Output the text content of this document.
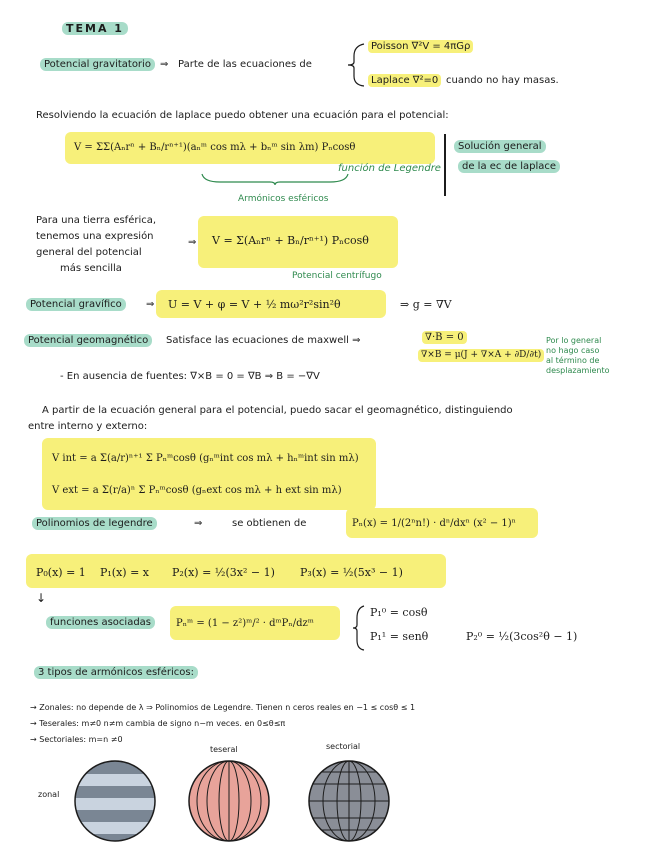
TEMA 1
Potencial gravitatorio ⇒ Parte de las ecuaciones de
Poisson ∇²V = 4πGρ
Laplace ∇²=0 cuando no hay masas.
Resolviendo la ecuación de laplace puedo obtener una ecuación para el potencial:
V = ΣΣ(Aₙrⁿ + Bₙ/rⁿ⁺¹)(aₙᵐ cos mλ + bₙᵐ sin λm) Pₙcosθ
función de Legendre
Armónicos esféricos
Solución general
de la ec de laplace
Para una tierra esférica,
tenemos una expresión
general del potencial
más sencilla
⇒ V = Σ(Aₙrⁿ + Bₙ/rⁿ⁺¹) Pₙcosθ
Potencial centrífugo
Potencial gravífico	⇒ U = V + φ = V + ½ mω²r²sin²θ	⇒ g = ∇V
Potencial geomagnético	Satisface las ecuaciones de maxwell ⇒	∇·B = 0
∇×B = μ(J + ∇×A + ∂D/∂t)
Por lo general
no hago caso
al término de
desplazamiento
- En ausencia de fuentes: ∇×B = 0 = ∇B ⇒ B = −∇V
A partir de la ecuación general para el potencial, puedo sacar el geomagnético, distinguiendo
entre interno y externo:
V int = a Σ(a/r)ⁿ⁺¹ Σ Pₙᵐcosθ (gₙᵐint cos mλ + hₙᵐint sin mλ)
V ext = a Σ(r/a)ⁿ Σ Pₙᵐcosθ (gₙext cos mλ + h ext sin mλ)
Polinomios de legendre	⇒	se obtienen de	Pₙ(x) = 1/(2ⁿn!) · dⁿ/dxⁿ (x² − 1)ⁿ
P₀(x) = 1 P₁(x) = x P₂(x) = ½(3x² − 1) P₃(x) = ½(5x³ − 1)
↓
funciones asociadas	Pₙᵐ = (1 − z²)ᵐ/² · dᵐPₙ/dzᵐ
P₁⁰ = cosθ
P₁¹ = senθ	P₂⁰ = ½(3cos²θ − 1)
3 tipos de armónicos esféricos:
→ Zonales: no depende de λ ⇒ Polinomios de Legendre. Tienen n ceros reales en −1 ≤ cosθ ≤ 1
→ Teserales: m≠0 n≠m cambia de signo n−m veces. en 0≤θ≤π
→ Sectoriales: m=n ≠0
zonal
teseral	sectorial
